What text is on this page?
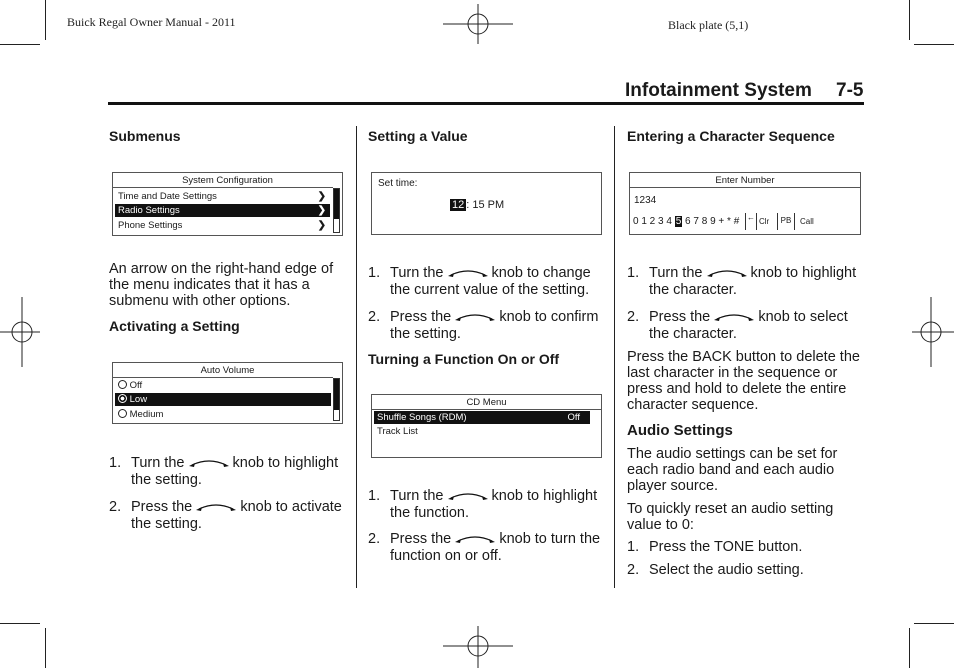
Buick Regal Owner Manual - 2011	Black plate (5,1)
Infotainment System 7-5
Submenus
System Configuration
Time and Date Settings	❯
Radio Settings	❯
Phone Settings	❯
An arrow on the right-hand edge of the menu indicates that it has a submenu with other options.
Activating a Setting
Auto Volume
Off
Low
Medium
1. Turn the	knob to highlight the setting.
2. Press the	knob to activate the setting.
Setting a Value
Set time:
12 : 15 PM
1. Turn the	knob to change the current value of the setting.
2. Press the	knob to confirm the setting.
Turning a Function On or Off
CD Menu
Shuffle Songs (RDM)	Off
Track List
1. Turn the	knob to highlight the function.
2. Press the	knob to turn the function on or off.
Entering a Character Sequence
Enter Number
1234
0 1 2 3 4 5 6 7 8 9 + * # ← Clr	PB	Call
1. Turn the	knob to highlight the character.
2. Press the	knob to select the character.
Press the BACK button to delete the last character in the sequence or press and hold to delete the entire character sequence.
Audio Settings
The audio settings can be set for each radio band and each audio player source.
To quickly reset an audio setting value to 0:
1. Press the TONE button.
2. Select the audio setting.
